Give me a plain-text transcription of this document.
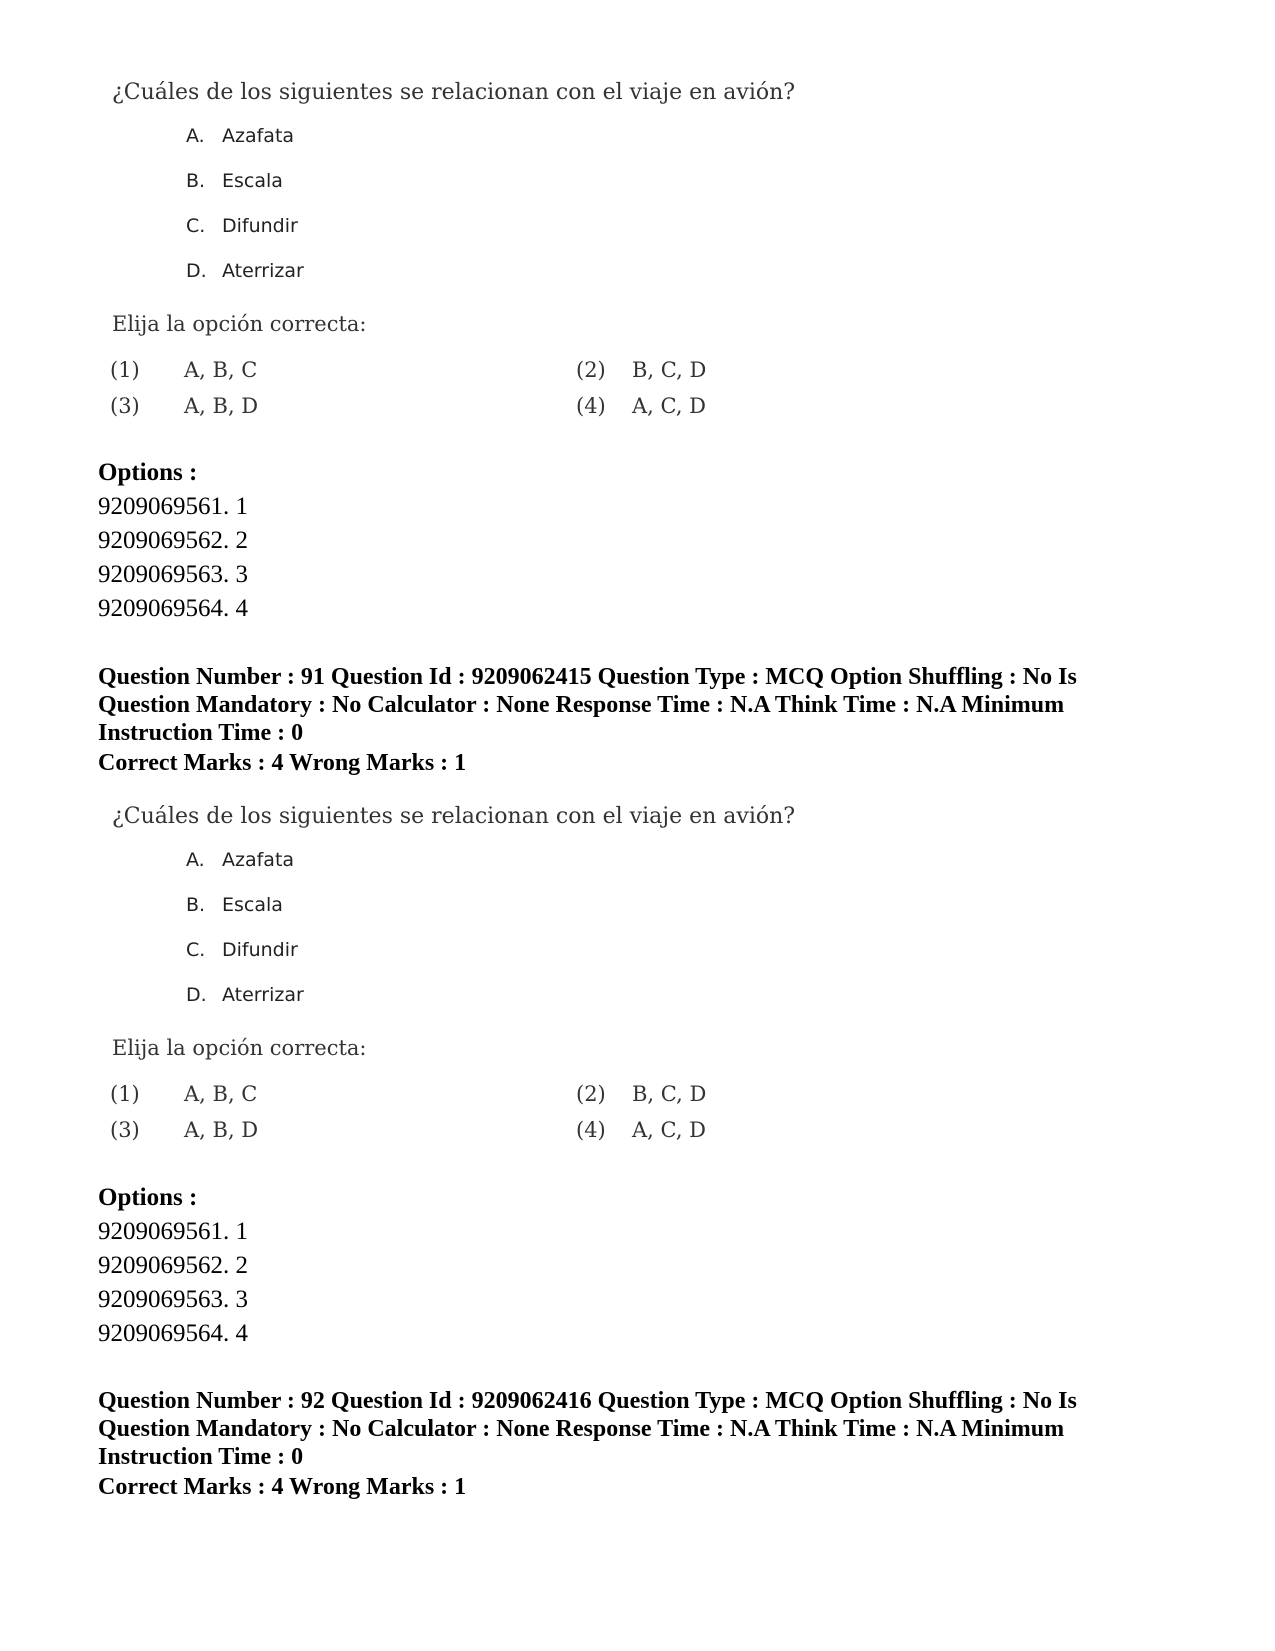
¿Cuáles de los siguientes se relacionan con el viaje en avión?
A. Azafata
B. Escala
C. Difundir
D. Aterrizar
Elija la opción correcta:
(1) A, B, C	(2) B, C, D
(3) A, B, D	(4) A, C, D
Options :
9209069561. 1
9209069562. 2
9209069563. 3
9209069564. 4
Question Number : 91 Question Id : 9209062415 Question Type : MCQ Option Shuffling : No Is
Question Mandatory : No Calculator : None Response Time : N.A Think Time : N.A Minimum
Instruction Time : 0
Correct Marks : 4 Wrong Marks : 1
¿Cuáles de los siguientes se relacionan con el viaje en avión?
A. Azafata
B. Escala
C. Difundir
D. Aterrizar
Elija la opción correcta:
(1) A, B, C	(2) B, C, D
(3) A, B, D	(4) A, C, D
Options :
9209069561. 1
9209069562. 2
9209069563. 3
9209069564. 4
Question Number : 92 Question Id : 9209062416 Question Type : MCQ Option Shuffling : No Is
Question Mandatory : No Calculator : None Response Time : N.A Think Time : N.A Minimum
Instruction Time : 0
Correct Marks : 4 Wrong Marks : 1
